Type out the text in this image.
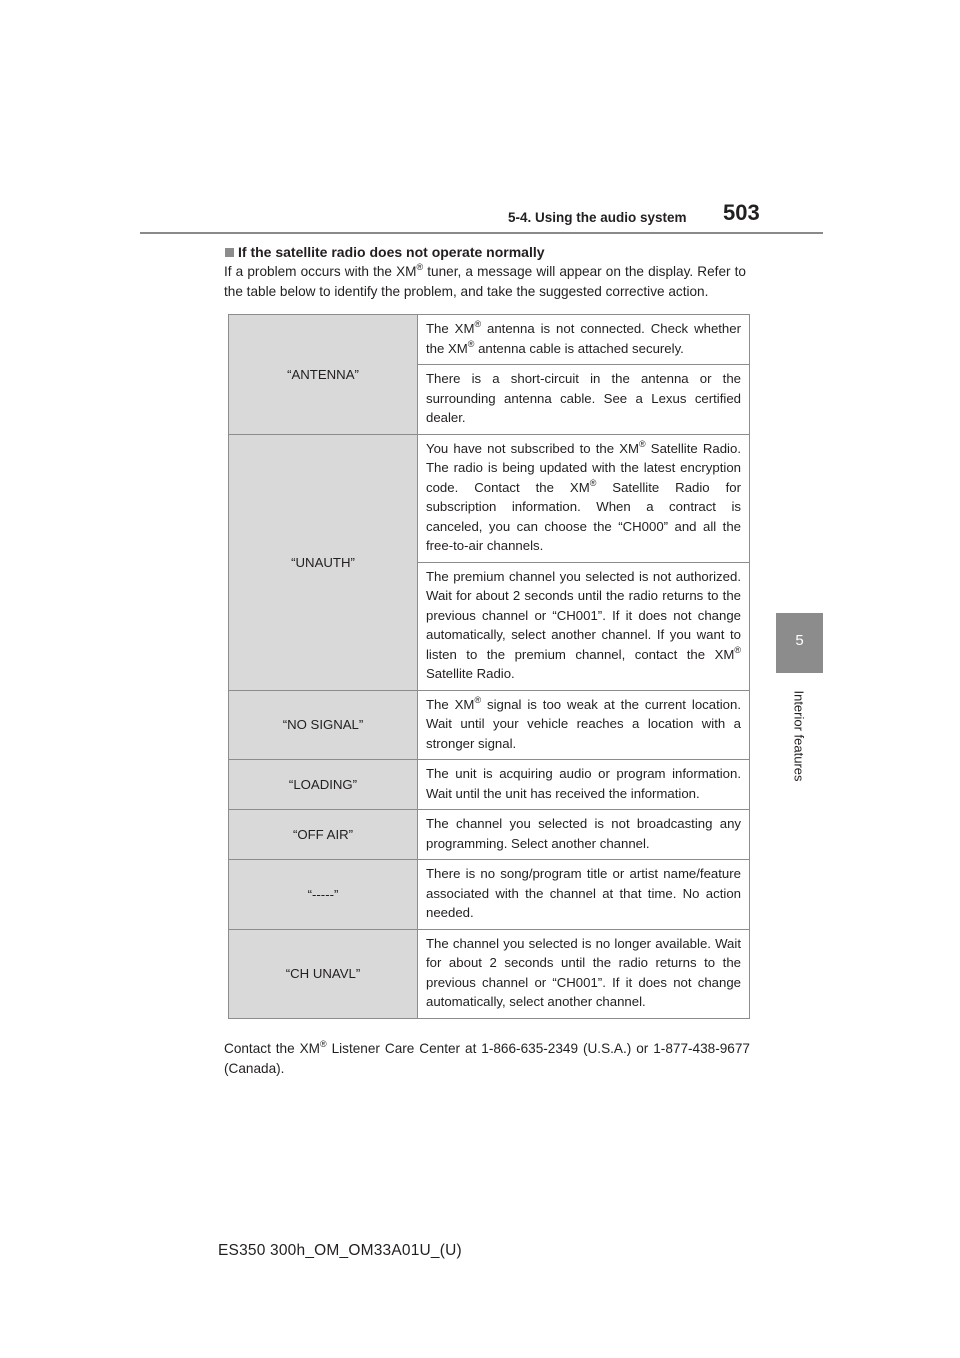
5-4. Using the audio system 503
5
Interior features
If the satellite radio does not operate normally
If a problem occurs with the XM® tuner, a message will appear on the display. Refer to the table below to identify the problem, and take the suggested corrective action.
“ANTENNA”	The XM® antenna is not connected. Check whether the XM® antenna cable is attached securely.
	There is a short-circuit in the antenna or the surrounding antenna cable. See a Lexus certified dealer.
“UNAUTH”	You have not subscribed to the XM® Satellite Radio. The radio is being updated with the latest encryption code. Contact the XM® Satellite Radio for subscription information. When a contract is canceled, you can choose the “CH000” and all the free-to-air channels.
	The premium channel you selected is not authorized. Wait for about 2 seconds until the radio returns to the previous channel or “CH001”. If it does not change automatically, select another channel. If you want to listen to the premium channel, contact the XM® Satellite Radio.
“NO SIGNAL”	The XM® signal is too weak at the current location. Wait until your vehicle reaches a location with a stronger signal.
“LOADING”	The unit is acquiring audio or program information. Wait until the unit has received the information.
“OFF AIR”	The channel you selected is not broadcasting any programming. Select another channel.
“-----”	There is no song/program title or artist name/feature associated with the channel at that time. No action needed.
“CH UNAVL”	The channel you selected is no longer available. Wait for about 2 seconds until the radio returns to the previous channel or “CH001”. If it does not change automatically, select another channel.
Contact the XM® Listener Care Center at 1-866-635-2349 (U.S.A.) or 1-877-438-9677 (Canada).
ES350 300h_OM_OM33A01U_(U)
